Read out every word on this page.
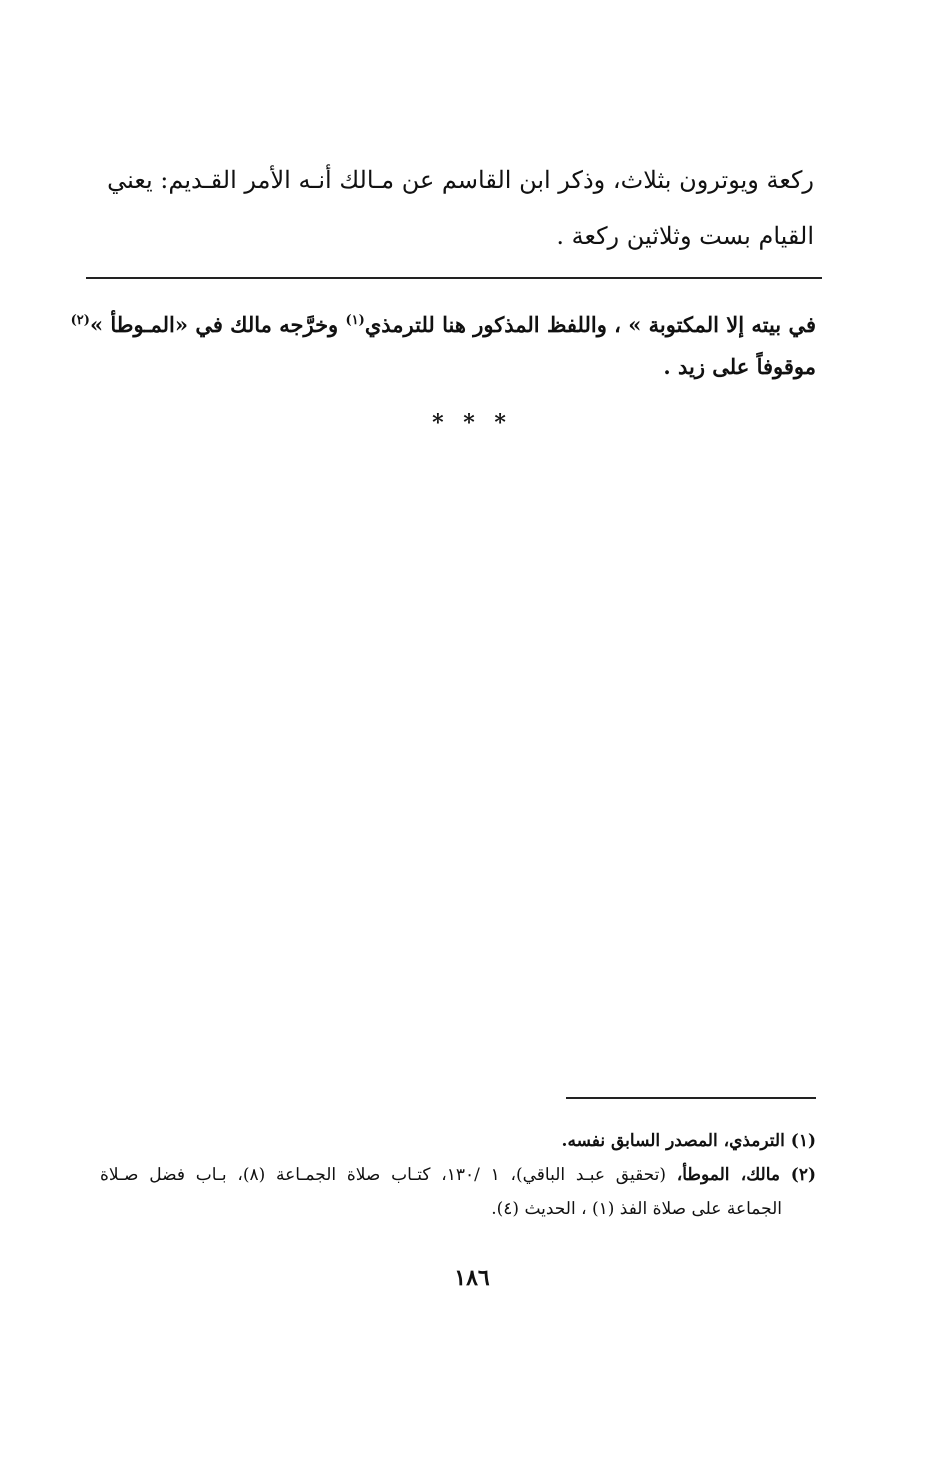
ركعة ويوترون بثلاث، وذكر ابن القاسم عن مـالك أنـه الأمر القـديم: يعني
القيام بست وثلاثين ركعة .
في بيته إلا المكتوبة » ، واللفظ المذكور هنا للترمذي$^{(١)}$ وخرَّجه مالك في «المـوطأ »$^{(٢)}$
موقوفاً على زيد .
* * *
(١) الترمذي، المصدر السابق نفسه.
(٢) مالك، الموطأ، (تحقيق عبـد الباقي)، ١ /١٣٠، كتـاب صلاة الجمـاعة (٨)، بـاب فضل صـلاة
الجماعة على صلاة الفذ (١) ، الحديث (٤).
١٨٦
